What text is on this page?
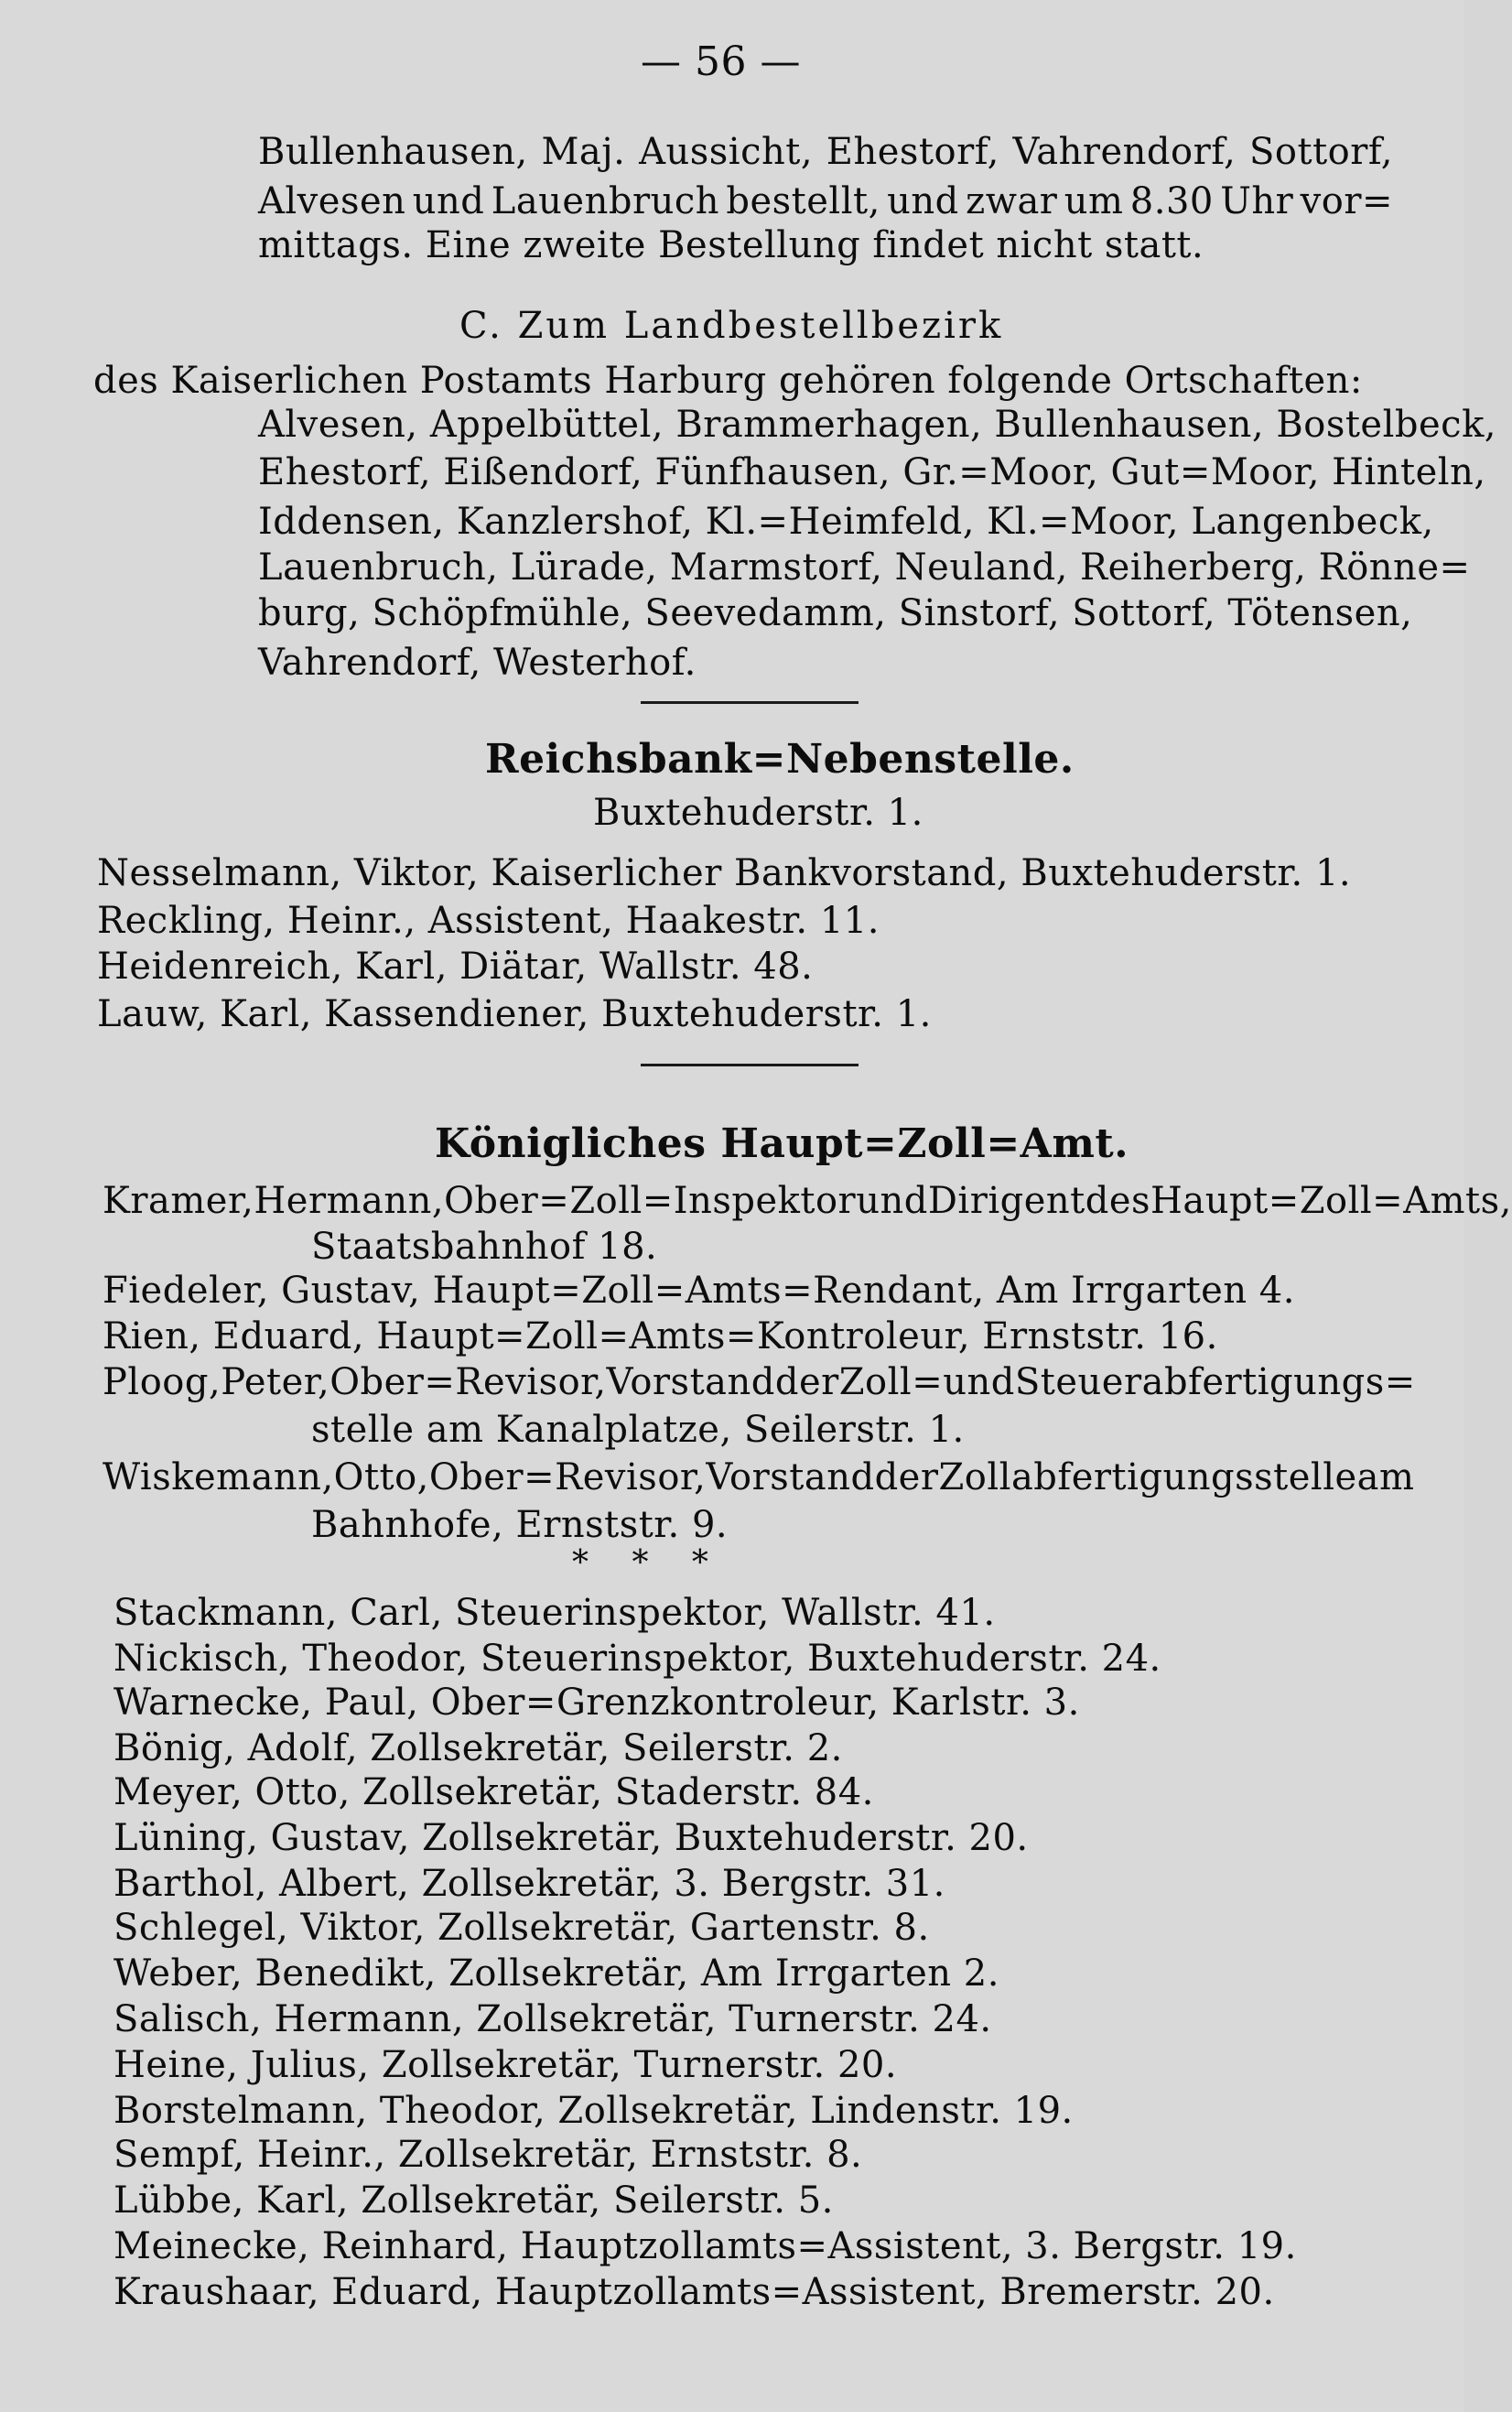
— 56 —
Bullenhausen, Maj. Aussicht, Ehestorf, Vahrendorf, Sottorf,
Alvesen und Lauenbruch bestellt, und zwar um 8.30 Uhr vor=
mittags. Eine zweite Bestellung findet nicht statt.
C. Zum Landbestellbezirk
des Kaiserlichen Postamts Harburg gehören folgende Ortschaften:
Alvesen, Appelbüttel, Brammerhagen, Bullenhausen, Bostelbeck,
Ehestorf, Eißendorf, Fünfhausen, Gr.=Moor, Gut=Moor, Hinteln,
Iddensen, Kanzlershof, Kl.=Heimfeld, Kl.=Moor, Langenbeck,
Lauenbruch, Lürade, Marmstorf, Neuland, Reiherberg, Rönne=
burg, Schöpfmühle, Seevedamm, Sinstorf, Sottorf, Tötensen,
Vahrendorf, Westerhof.
Reichsbank=Nebenstelle.
Buxtehuderstr. 1.
Nesselmann, Viktor, Kaiserlicher Bankvorstand, Buxtehuderstr. 1.
Reckling, Heinr., Assistent, Haakestr. 11.
Heidenreich, Karl, Diätar, Wallstr. 48.
Lauw, Karl, Kassendiener, Buxtehuderstr. 1.
Königliches Haupt=Zoll=Amt.
Kramer, Hermann, Ober=Zoll=Inspektor und Dirigent des Haupt=Zoll=Amts,
Staatsbahnhof 18.
Fiedeler, Gustav, Haupt=Zoll=Amts=Rendant, Am Irrgarten 4.
Rien, Eduard, Haupt=Zoll=Amts=Kontroleur, Ernststr. 16.
Ploog, Peter, Ober=Revisor, Vorstand der Zoll= und Steuerabfertigungs=
stelle am Kanalplatze, Seilerstr. 1.
Wiskemann, Otto, Ober=Revisor, Vorstand der Zollabfertigungsstelle am
Bahnhofe, Ernststr. 9.
* * *
Stackmann, Carl, Steuerinspektor, Wallstr. 41.
Nickisch, Theodor, Steuerinspektor, Buxtehuderstr. 24.
Warnecke, Paul, Ober=Grenzkontroleur, Karlstr. 3.
Bönig, Adolf, Zollsekretär, Seilerstr. 2.
Meyer, Otto, Zollsekretär, Staderstr. 84.
Lüning, Gustav, Zollsekretär, Buxtehuderstr. 20.
Barthol, Albert, Zollsekretär, 3. Bergstr. 31.
Schlegel, Viktor, Zollsekretär, Gartenstr. 8.
Weber, Benedikt, Zollsekretär, Am Irrgarten 2.
Salisch, Hermann, Zollsekretär, Turnerstr. 24.
Heine, Julius, Zollsekretär, Turnerstr. 20.
Borstelmann, Theodor, Zollsekretär, Lindenstr. 19.
Sempf, Heinr., Zollsekretär, Ernststr. 8.
Lübbe, Karl, Zollsekretär, Seilerstr. 5.
Meinecke, Reinhard, Hauptzollamts=Assistent, 3. Bergstr. 19.
Kraushaar, Eduard, Hauptzollamts=Assistent, Bremerstr. 20.
